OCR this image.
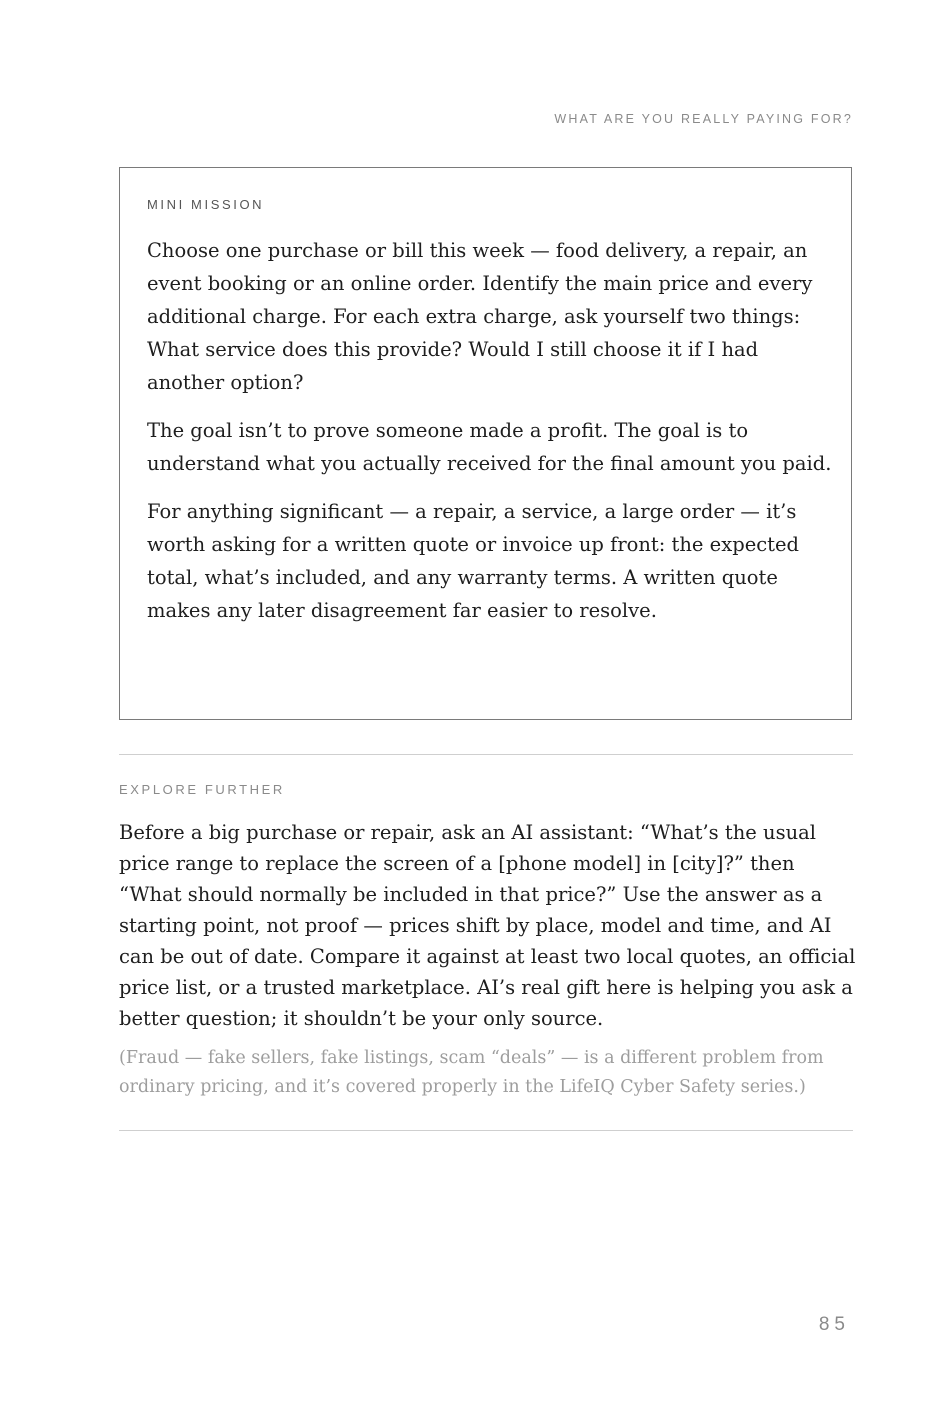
WHAT ARE YOU REALLY PAYING FOR?
MINI MISSION

Choose one purchase or bill this week — food delivery, a repair, an event booking or an online order. Identify the main price and every additional charge. For each extra charge, ask yourself two things: What service does this provide? Would I still choose it if I had another option?

The goal isn’t to prove someone made a profit. The goal is to understand what you actually received for the final amount you paid.

For anything significant — a repair, a service, a large order — it’s worth asking for a written quote or invoice up front: the expected total, what’s included, and any warranty terms. A written quote makes any later disagreement far easier to resolve.

EXPLORE FURTHER

Before a big purchase or repair, ask an AI assistant: “What’s the usual price range to replace the screen of a [phone model] in [city]?” then “What should normally be included in that price?” Use the answer as a starting point, not proof — prices shift by place, model and time, and AI can be out of date. Compare it against at least two local quotes, an official price list, or a trusted marketplace. AI’s real gift here is helping you ask a better question; it shouldn’t be your only source.

(Fraud — fake sellers, fake listings, scam “deals” — is a different problem from ordinary pricing, and it’s covered properly in the LifeIQ Cyber Safety series.)

85
